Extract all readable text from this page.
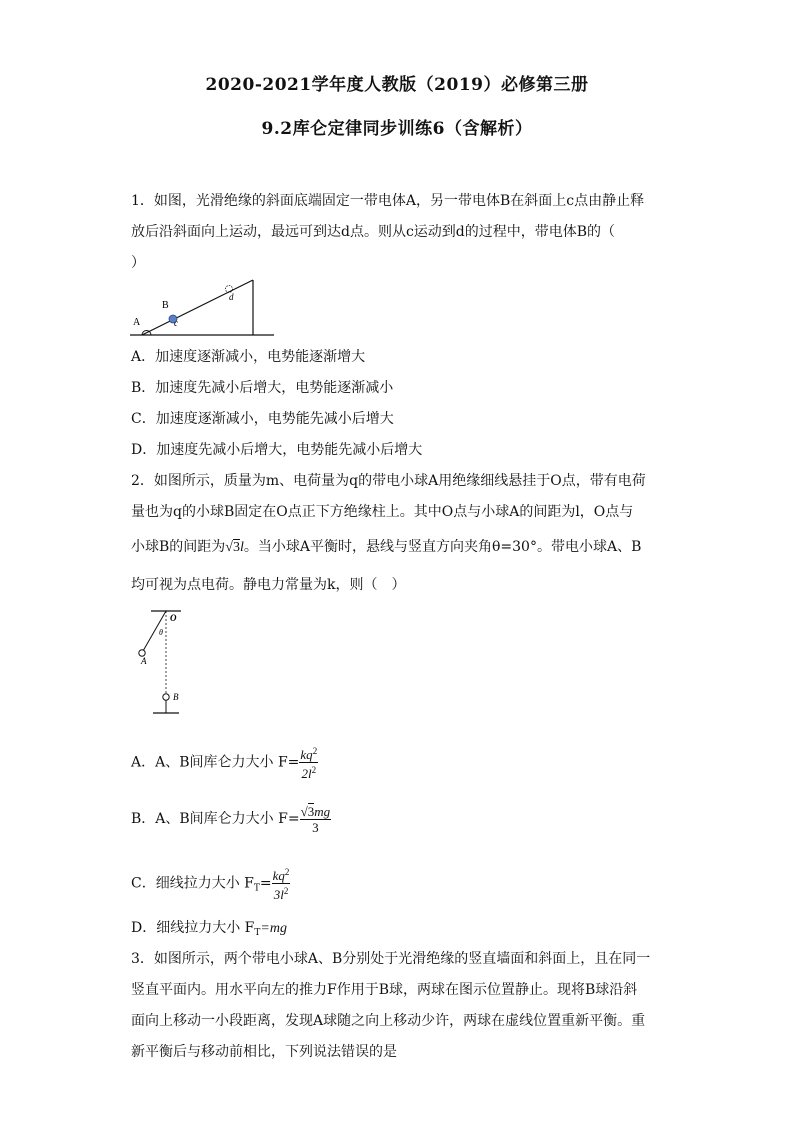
2020-2021学年度人教版（2019）必修第三册
9.2库仑定律同步训练6（含解析）
1．如图，光滑绝缘的斜面底端固定一带电体A，另一带电体B在斜面上c点由静止释
放后沿斜面向上运动，最远可到达d点。则从c运动到d的过程中，带电体B的（
）
A
B
c
d
A．加速度逐渐减小，电势能逐渐增大
B．加速度先减小后增大，电势能逐渐减小
C．加速度逐渐减小，电势能先减小后增大
D．加速度先减小后增大，电势能先减小后增大
2．如图所示，质量为m、电荷量为q的带电小球A用绝缘细线悬挂于O点，带有电荷
量也为q的小球B固定在O点正下方绝缘柱上。其中O点与小球A的间距为l，O点与
小球B的间距为√3l。当小球A平衡时，悬线与竖直方向夹角θ=30°。带电小球A、B
均可视为点电荷。静电力常量为k，则（　）
O
θ
A
B
A．A、B间库仑力大小 $F= \frac{kq^2}{2l^2}$
B．A、B间库仑力大小 $F= \frac{√3mg}{3}$
C．细线拉力大小 $F_T= \frac{kq^2}{3l^2}$
D．细线拉力大小 $F_T=mg$
3．如图所示，两个带电小球A、B分别处于光滑绝缘的竖直墙面和斜面上，且在同一
竖直平面内。用水平向左的推力F作用于B球，两球在图示位置静止。现将B球沿斜
面向上移动一小段距离，发现A球随之向上移动少许，两球在虚线位置重新平衡。重
新平衡后与移动前相比，下列说法错误的是
